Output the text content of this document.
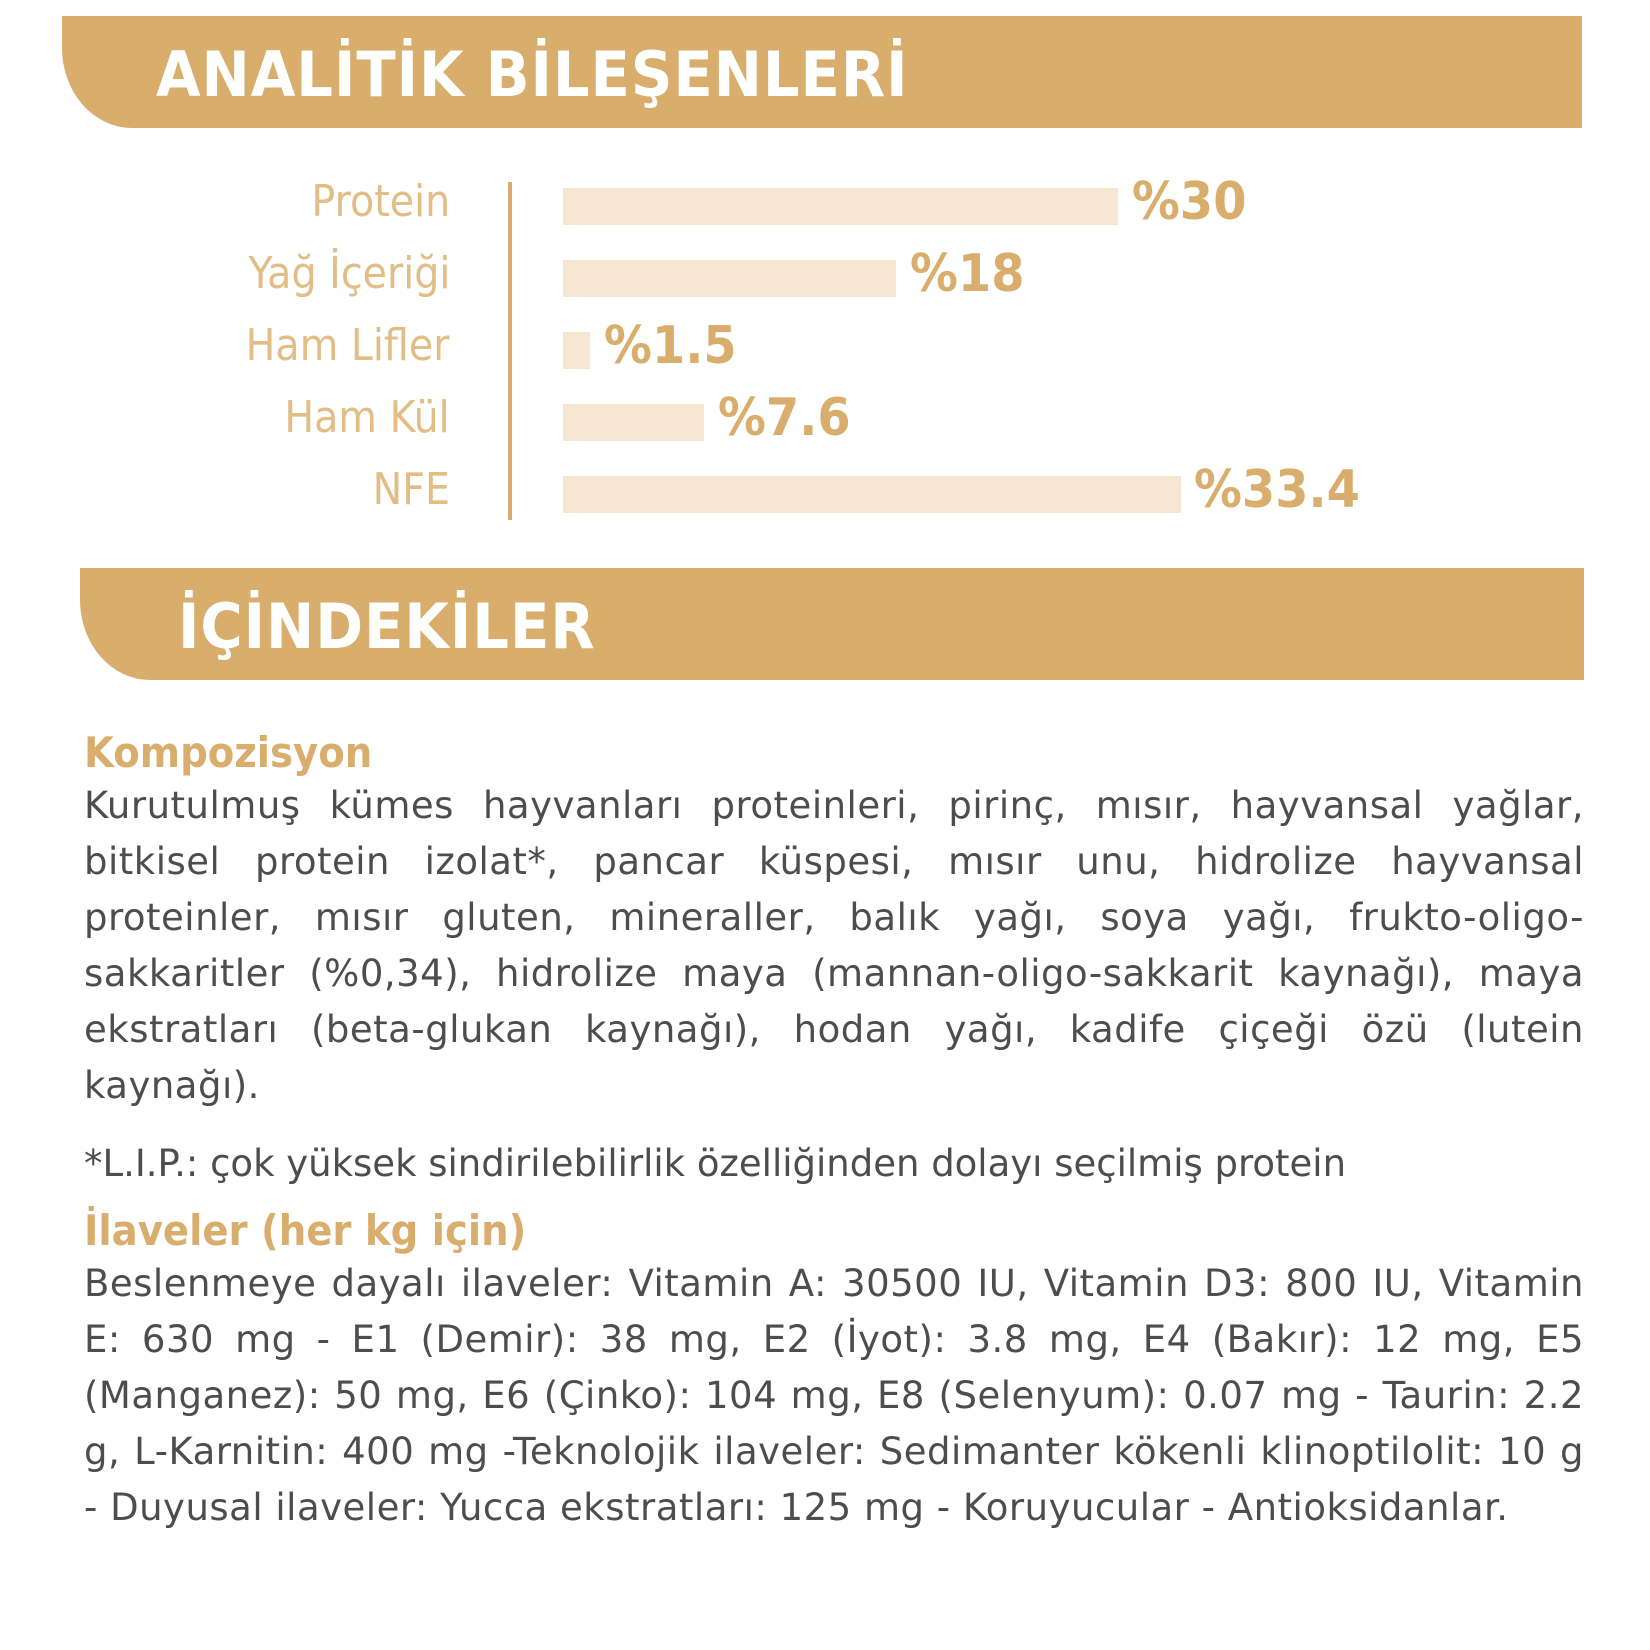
ANALİTİK BİLEŞENLERİ
Protein	%30
Yağ İçeriği	%18
Ham Lifler	%1.5
Ham Kül	%7.6
NFE	%33.4
İÇİNDEKİLER
Kompozisyon

Kurutulmuş kümes hayvanları proteinleri, pirinç, mısır, hayvansal yağlar, bitkisel protein izolat*, pancar küspesi, mısır unu, hidrolize hayvansal proteinler, mısır gluten, mineraller, balık yağı, soya yağı, frukto-oligo-sakkaritler (%0,34), hidrolize maya (mannan-oligo-sakkarit kaynağı), maya ekstratları (beta-glukan kaynağı), hodan yağı, kadife çiçeği özü (lutein kaynağı).

*L.I.P.: çok yüksek sindirilebilirlik özelliğinden dolayı seçilmiş protein

İlaveler (her kg için)

Beslenmeye dayalı ilaveler: Vitamin A: 30500 IU, Vitamin D3: 800 IU, Vitamin E: 630 mg - E1 (Demir): 38 mg, E2 (İyot): 3.8 mg, E4 (Bakır): 12 mg, E5 (Manganez): 50 mg, E6 (Çinko): 104 mg, E8 (Selenyum): 0.07 mg - Taurin: 2.2 g, L-Karnitin: 400 mg -Teknolojik ilaveler: Sedimanter kökenli klinoptilolit: 10 g - Duyusal ilaveler: Yucca ekstratları: 125 mg - Koruyucular - Antioksidanlar.
